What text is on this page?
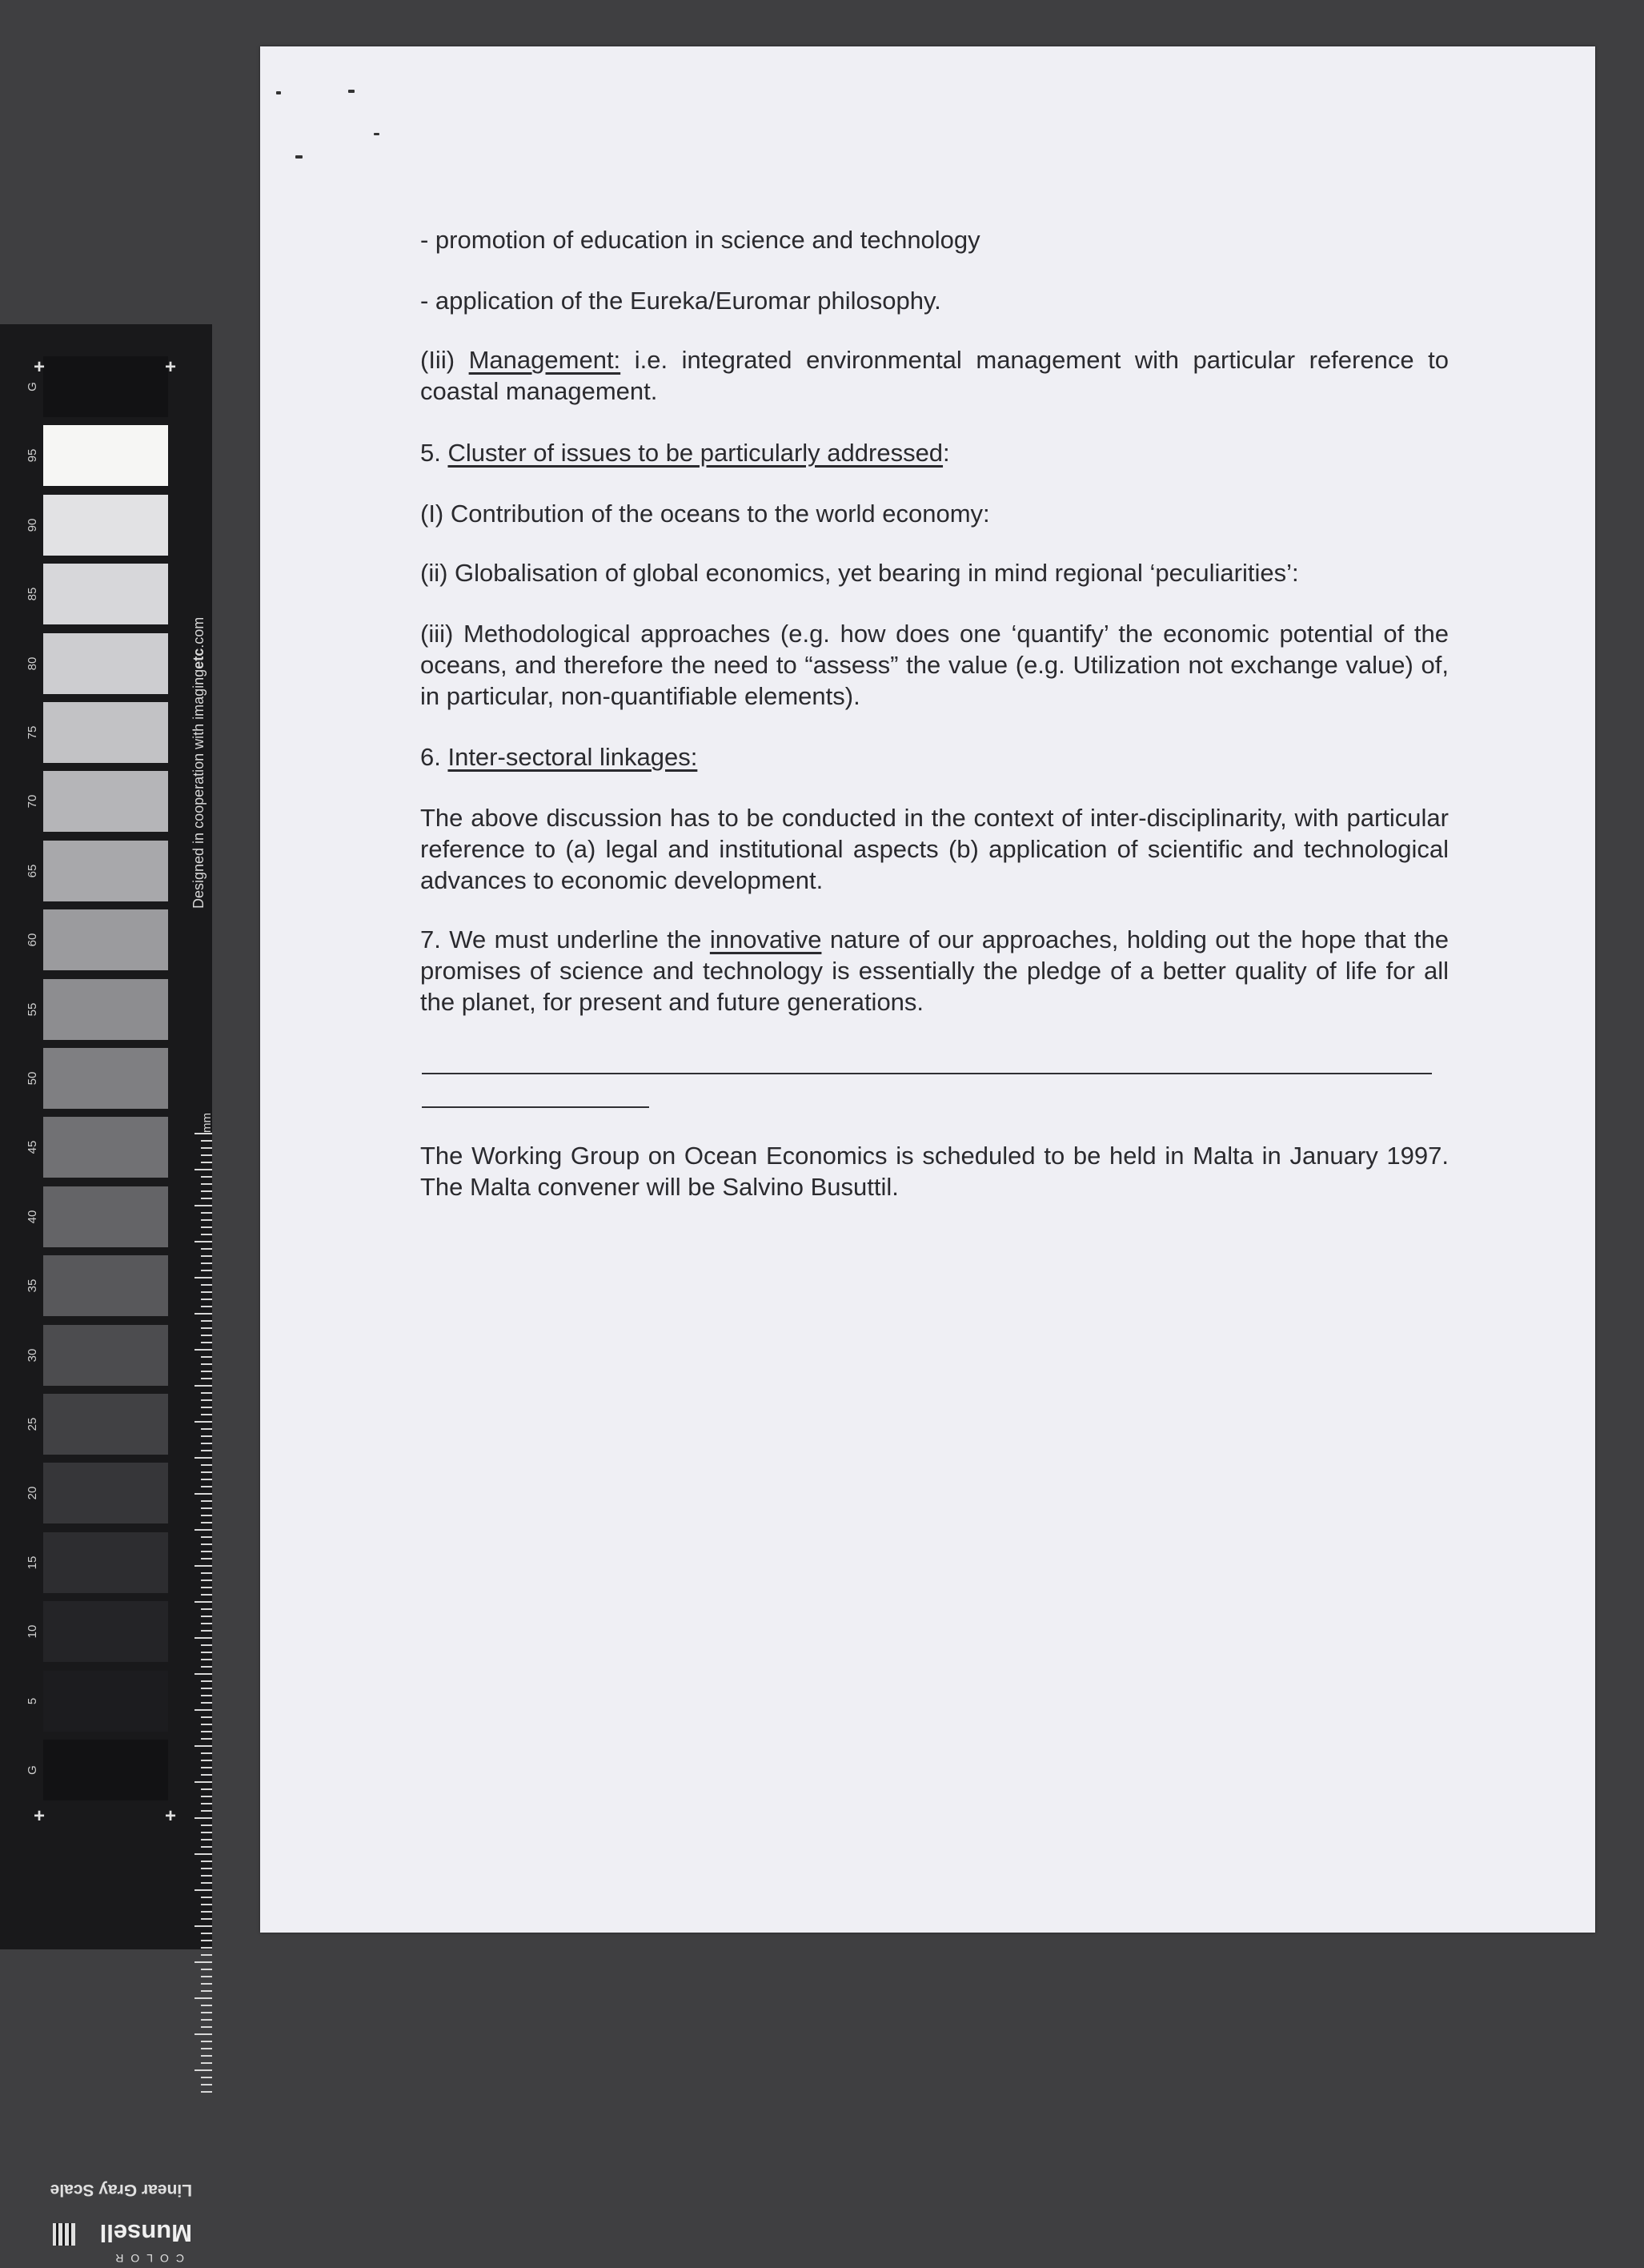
G
95
90
85
80
75
70
65
60
55
50
45
40
35
30
25
20
15
10
5
G
+	+
+	+
Designed in cooperation with imagingetc.com
mm
Linear Gray Scale
COLOR
Munsell

- promotion of education in science and technology

- application of the Eureka/Euromar philosophy.

(Iii) Management: i.e. integrated environmental management with particular reference to coastal management.

5. Cluster of issues to be particularly addressed:

(I) Contribution of the oceans to the world economy:

(ii) Globalisation of global economics, yet bearing in mind regional ‘peculiarities’:

(iii) Methodological approaches (e.g. how does one ‘quantify’ the economic potential of the oceans, and therefore the need to “assess” the value (e.g. Utilization not exchange value) of, in particular, non-quantifiable elements).

6. Inter-sectoral linkages:

The above discussion has to be conducted in the context of inter-disciplinarity, with particular reference to (a) legal and institutional aspects (b) application of scientific and technological advances to economic development.

7. We must underline the innovative nature of our approaches, holding out the hope that the promises of science and technology is essentially the pledge of a better quality of life for all the planet, for present and future generations.

The Working Group on Ocean Economics is scheduled to be held in Malta in January 1997. The Malta convener will be Salvino Busuttil.
